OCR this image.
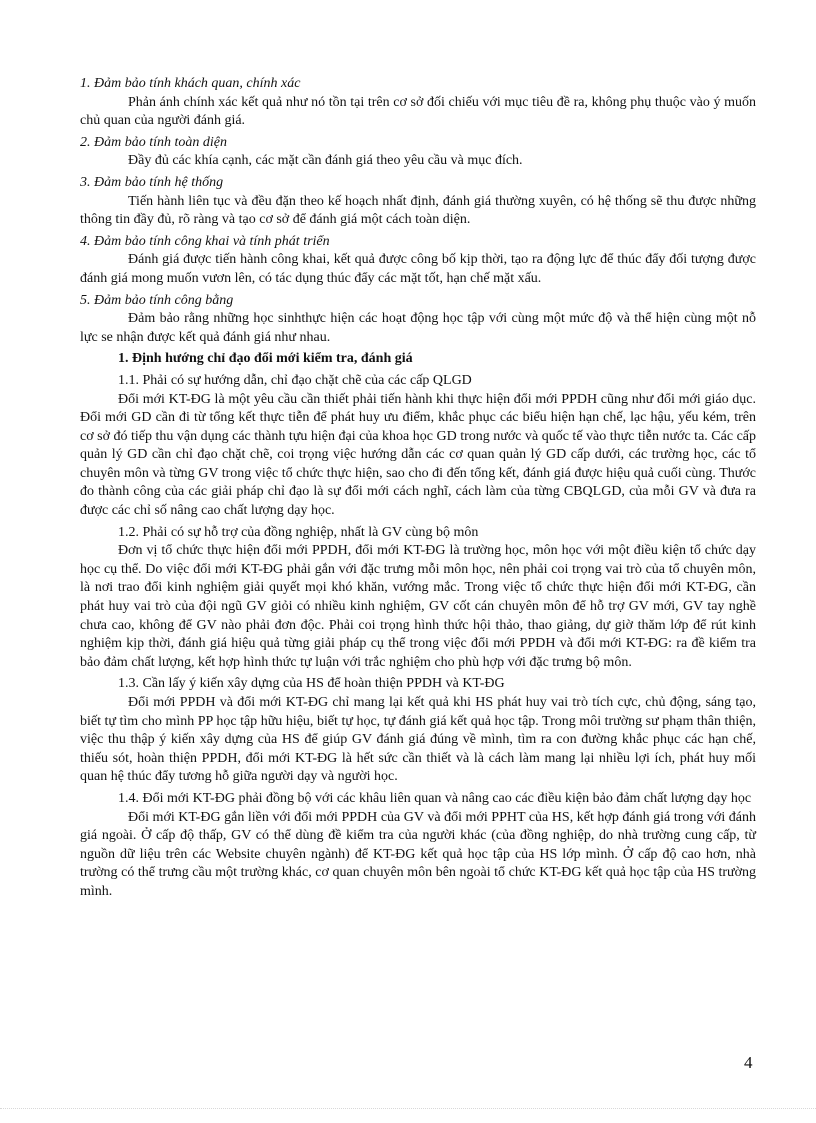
1. Đảm bảo tính khách quan, chính xác

Phản ánh chính xác kết quả như nó tồn tại trên cơ sở đối chiếu với mục tiêu đề ra, không phụ thuộc vào ý muốn chủ quan của người đánh giá.

2. Đảm bảo tính toàn diện

Đầy đủ các khía cạnh, các mặt cần đánh giá theo yêu cầu và mục đích.

3. Đảm bảo tính hệ thống

Tiến hành liên tục và đều đặn theo kế hoạch nhất định, đánh giá thường xuyên, có hệ thống sẽ thu được những thông tin đầy đủ, rõ ràng và tạo cơ sở để đánh giá một cách toàn diện.

4. Đảm bảo tính công khai và tính phát triển

Đánh giá được tiến hành công khai, kết quả được công bố kịp thời, tạo ra động lực để thúc đẩy đối tượng được đánh giá mong muốn vươn lên, có tác dụng thúc đẩy các mặt tốt, hạn chế mặt xấu.

5. Đảm bảo tính công bằng

Đảm bảo rằng những học sinhthực hiện các hoạt động học tập với cùng một mức độ và thể hiện cùng một nỗ lực se nhận được kết quả đánh giá như nhau.

1. Định hướng chỉ đạo đổi mới kiểm tra, đánh giá

1.1. Phải có sự hướng dẫn, chỉ đạo chặt chẽ của các cấp QLGD

Đổi mới KT-ĐG là một yêu cầu cần thiết phải tiến hành khi thực hiện đổi mới PPDH cũng như đổi mới giáo dục. Đổi mới GD cần đi từ tổng kết thực tiễn để phát huy ưu điểm, khắc phục các biểu hiện hạn chế, lạc hậu, yếu kém, trên cơ sở đó tiếp thu vận dụng các thành tựu hiện đại của khoa học GD trong nước và quốc tế vào thực tiễn nước ta. Các cấp quản lý GD cần chỉ đạo chặt chẽ, coi trọng việc hướng dẫn các cơ quan quản lý GD cấp dưới, các trường học, các tổ chuyên môn và từng GV trong việc tổ chức thực hiện, sao cho đi đến tổng kết, đánh giá được hiệu quả cuối cùng. Thước đo thành công của các giải pháp chỉ đạo là sự đổi mới cách nghĩ, cách làm của từng CBQLGD, của mỗi GV và đưa ra được các chỉ số nâng cao chất lượng dạy học.

1.2. Phải có sự hỗ trợ của đồng nghiệp, nhất là GV cùng bộ môn

Đơn vị tổ chức thực hiện đổi mới PPDH, đổi mới KT-ĐG là trường học, môn học với một điều kiện tổ chức dạy học cụ thể. Do việc đổi mới KT-ĐG phải gắn với đặc trưng mỗi môn học, nên phải coi trọng vai trò của tổ chuyên môn, là nơi trao đổi kinh nghiệm giải quyết mọi khó khăn, vướng mắc. Trong việc tổ chức thực hiện đổi mới KT-ĐG, cần phát huy vai trò của đội ngũ GV giỏi có nhiều kinh nghiệm, GV cốt cán chuyên môn để hỗ trợ GV mới, GV tay nghề chưa cao, không để GV nào phải đơn độc. Phải coi trọng hình thức hội thảo, thao giảng, dự giờ thăm lớp để rút kinh nghiệm kịp thời, đánh giá hiệu quả từng giải pháp cụ thể trong việc đổi mới PPDH và đổi mới KT-ĐG: ra đề kiểm tra bảo đảm chất lượng, kết hợp hình thức tự luận với trắc nghiệm cho phù hợp với đặc trưng bộ môn.

1.3. Cần lấy ý kiến xây dựng của HS để hoàn thiện PPDH và KT-ĐG

Đổi mới PPDH và đổi mới KT-ĐG chỉ mang lại kết quả khi HS phát huy vai trò tích cực, chủ động, sáng tạo, biết tự tìm cho mình PP học tập hữu hiệu, biết tự học, tự đánh giá kết quả học tập. Trong môi trường sư phạm thân thiện, việc thu thập ý kiến xây dựng của HS để giúp GV đánh giá đúng về mình, tìm ra con đường khắc phục các hạn chế, thiếu sót, hoàn thiện PPDH, đổi mới KT-ĐG là hết sức cần thiết và là cách làm mang lại nhiều lợi ích, phát huy mối quan hệ thúc đẩy tương hỗ giữa người dạy và người học.

1.4. Đổi mới KT-ĐG phải đồng bộ với các khâu liên quan và nâng cao các điều kiện bảo đảm chất lượng dạy học

Đổi mới KT-ĐG gắn liền với đổi mới PPDH của GV và đổi mới PPHT của HS, kết hợp đánh giá trong với đánh giá ngoài. Ở cấp độ thấp, GV có thể dùng đề kiểm tra của người khác (của đồng nghiệp, do nhà trường cung cấp, từ nguồn dữ liệu trên các Website chuyên ngành) để KT-ĐG kết quả học tập của HS lớp mình. Ở cấp độ cao hơn, nhà trường có thể trưng cầu một trường khác, cơ quan chuyên môn bên ngoài tổ chức KT-ĐG kết quả học tập của HS trường mình.

4
